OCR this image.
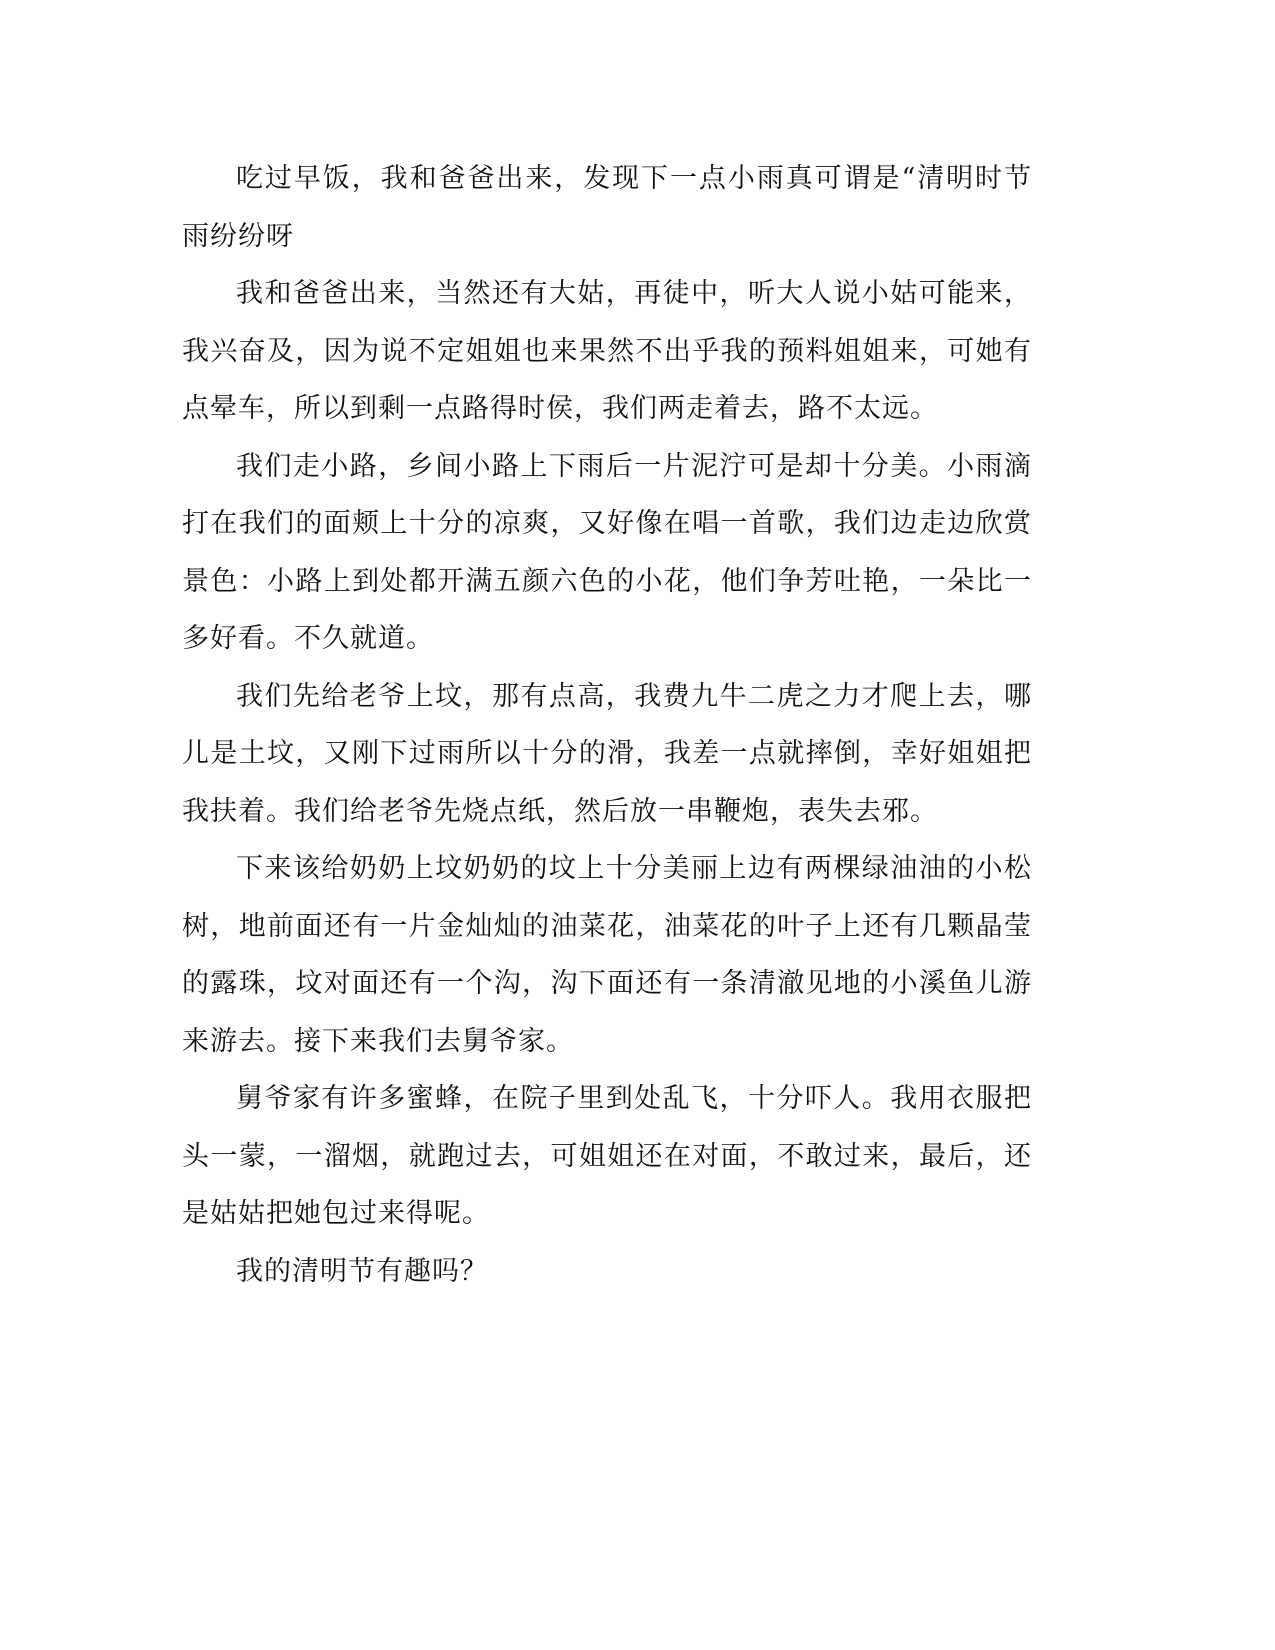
吃过早饭，我和爸爸出来，发现下一点小雨真可谓是“清明时节雨纷纷呀

我和爸爸出来，当然还有大姑，再徒中，听大人说小姑可能来，我兴奋及，因为说不定姐姐也来果然不出乎我的预料姐姐来，可她有点晕车，所以到剩一点路得时侯，我们两走着去，路不太远。

我们走小路，乡间小路上下雨后一片泥泞可是却十分美。小雨滴打在我们的面颊上十分的凉爽，又好像在唱一首歌，我们边走边欣赏景色：小路上到处都开满五颜六色的小花，他们争芳吐艳，一朵比一多好看。不久就道。

我们先给老爷上坟，那有点高，我费九牛二虎之力才爬上去，哪儿是土坟，又刚下过雨所以十分的滑，我差一点就摔倒，幸好姐姐把我扶着。我们给老爷先烧点纸，然后放一串鞭炮，表失去邪。

下来该给奶奶上坟奶奶的坟上十分美丽上边有两棵绿油油的小松树，地前面还有一片金灿灿的油菜花，油菜花的叶子上还有几颗晶莹的露珠，坟对面还有一个沟，沟下面还有一条清澈见地的小溪鱼儿游来游去。接下来我们去舅爷家。

舅爷家有许多蜜蜂，在院子里到处乱飞，十分吓人。我用衣服把头一蒙，一溜烟，就跑过去，可姐姐还在对面，不敢过来，最后，还是姑姑把她包过来得呢。

我的清明节有趣吗？
